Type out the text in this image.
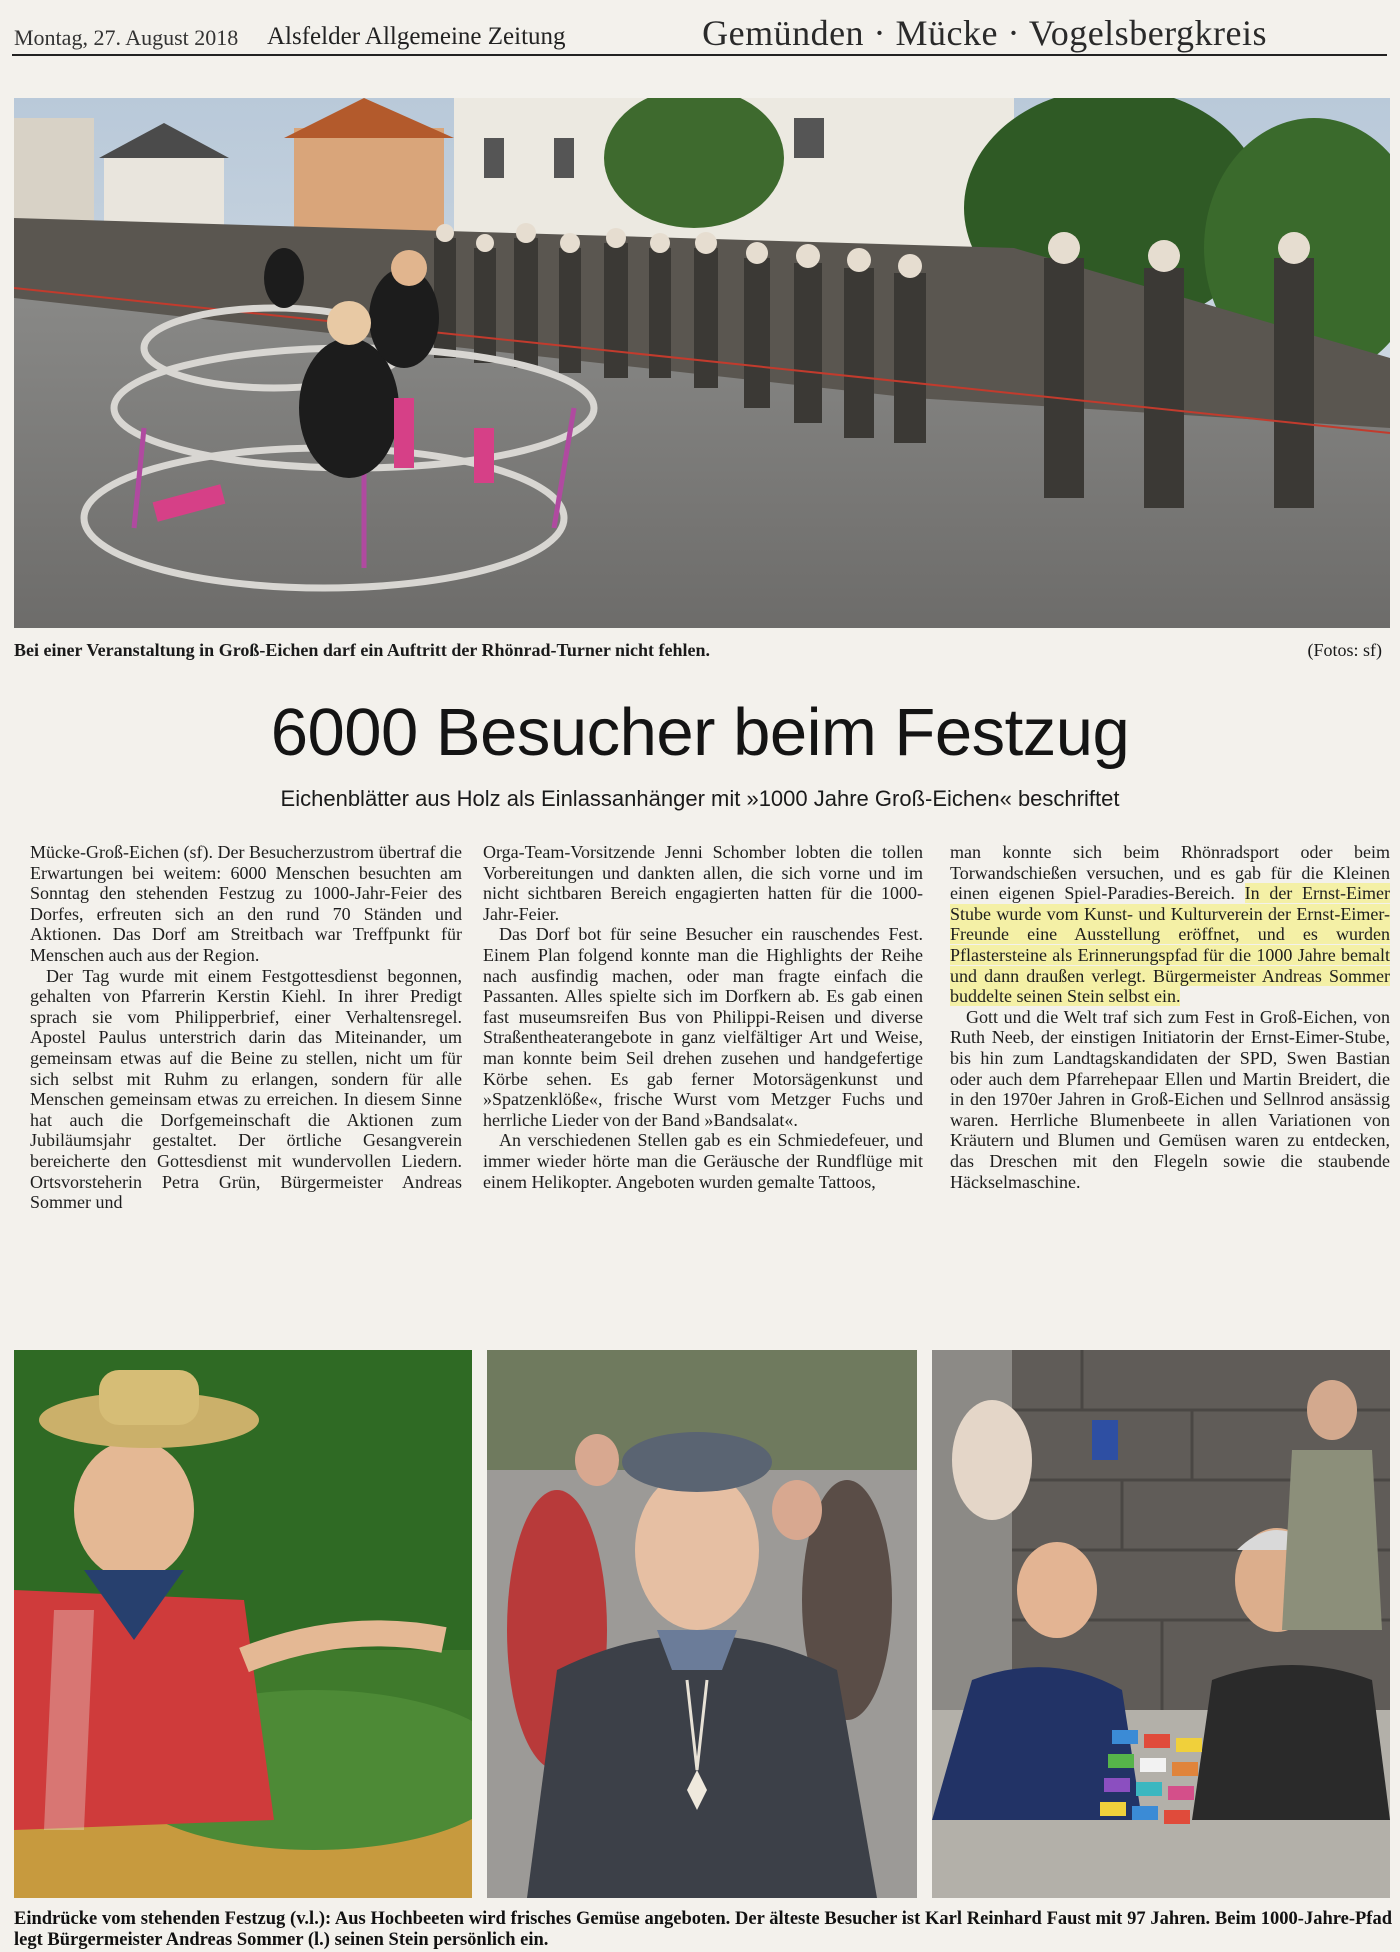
Montag, 27. August 2018 Alsfelder Allgemeine Zeitung	Gemünden · Mücke · Vogelsbergkreis
Bei einer Veranstaltung in Groß-Eichen darf ein Auftritt der Rhönrad-Turner nicht fehlen.	(Fotos: sf)
6000 Besucher beim Festzug
Eichenblätter aus Holz als Einlassanhänger mit »1000 Jahre Groß-Eichen« beschriftet

Mücke-Groß-Eichen (sf). Der Besucherzustrom übertraf die Erwartungen bei weitem: 6000 Menschen besuchten am Sonntag den stehenden Festzug zu 1000-Jahr-Feier des Dorfes, erfreuten sich an den rund 70 Ständen und Aktionen. Das Dorf am Streitbach war Treffpunkt für Menschen auch aus der Region.

Der Tag wurde mit einem Festgottesdienst begonnen, gehalten von Pfarrerin Kerstin Kiehl. In ihrer Predigt sprach sie vom Philipperbrief, einer Verhaltensregel. Apostel Paulus unterstrich darin das Miteinander, um gemeinsam etwas auf die Beine zu stellen, nicht um für sich selbst mit Ruhm zu erlangen, sondern für alle Menschen gemeinsam etwas zu erreichen. In diesem Sinne hat auch die Dorfgemeinschaft die Aktionen zum Jubiläumsjahr gestaltet. Der örtliche Gesangverein bereicherte den Gottesdienst mit wundervollen Liedern. Ortsvorsteherin Petra Grün, Bürgermeister Andreas Sommer und

Orga-Team-Vorsitzende Jenni Schomber lobten die tollen Vorbereitungen und dankten allen, die sich vorne und im nicht sichtbaren Bereich engagierten hatten für die 1000-Jahr-Feier.

Das Dorf bot für seine Besucher ein rauschendes Fest. Einem Plan folgend konnte man die Highlights der Reihe nach ausfindig machen, oder man fragte einfach die Passanten. Alles spielte sich im Dorfkern ab. Es gab einen fast museumsreifen Bus von Philippi-Reisen und diverse Straßentheaterangebote in ganz vielfältiger Art und Weise, man konnte beim Seil drehen zusehen und handgefertige Körbe sehen. Es gab ferner Motorsägenkunst und »Spatzenklöße«, frische Wurst vom Metzger Fuchs und herrliche Lieder von der Band »Bandsalat«.

An verschiedenen Stellen gab es ein Schmiedefeuer, und immer wieder hörte man die Geräusche der Rundflüge mit einem Helikopter. Angeboten wurden gemalte Tattoos,

man konnte sich beim Rhönradsport oder beim Torwandschießen versuchen, und es gab für die Kleinen einen eigenen Spiel-Paradies-Bereich. In der Ernst-Eimer Stube wurde vom Kunst- und Kulturverein der Ernst-Eimer-Freunde eine Ausstellung eröffnet, und es wurden Pflastersteine als Erinnerungspfad für die 1000 Jahre bemalt und dann draußen verlegt. Bürgermeister Andreas Sommer buddelte seinen Stein selbst ein.

Gott und die Welt traf sich zum Fest in Groß-Eichen, von Ruth Neeb, der einstigen Initiatorin der Ernst-Eimer-Stube, bis hin zum Landtagskandidaten der SPD, Swen Bastian oder auch dem Pfarrehepaar Ellen und Martin Breidert, die in den 1970er Jahren in Groß-Eichen und Sellnrod ansässig waren. Herrliche Blumenbeete in allen Variationen von Kräutern und Blumen und Gemüsen waren zu entdecken, das Dreschen mit den Flegeln sowie die staubende Häckselmaschine.

Eindrücke vom stehenden Festzug (v.l.): Aus Hochbeeten wird frisches Gemüse angeboten. Der älteste Besucher ist Karl Reinhard Faust mit 97 Jahren. Beim 1000-Jahre-Pfad legt Bürgermeister Andreas Sommer (l.) seinen Stein persönlich ein.
